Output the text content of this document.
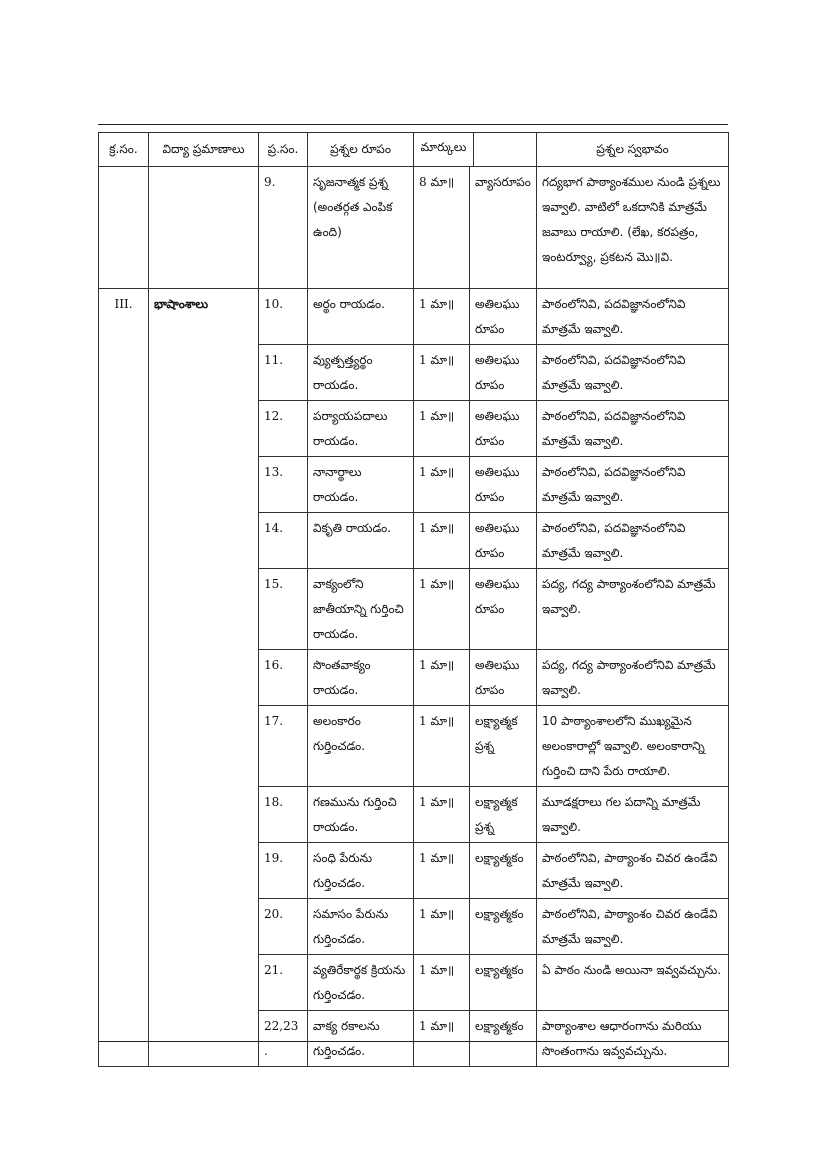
క్ర.సం.	విద్యా ప్రమాణాలు	ప్ర.సం.	ప్రశ్నల రూపం	మార్కులు		ప్రశ్నల స్వభావం
		9.	సృజనాత్మక ప్రశ్న (అంతర్గత ఎంపిక ఉంది)	8 మా॥	వ్యాసరూపం	గద్యభాగ పాఠ్యాంశముల నుండి ప్రశ్నలు ఇవ్వాలి. వాటిలో ఒకదానికి మాత్రమే జవాబు రాయాలి. (లేఖ, కరపత్రం, ఇంటర్వ్యూ, ప్రకటన మొ॥వి.
III.	భాషాంశాలు	10.	అర్థం రాయడం.	1 మా॥	అతిలఘు రూపం	పాఠంలోనివి, పదవిజ్ఞానంలోనివి మాత్రమే ఇవ్వాలి.
		11.	వ్యుత్పత్త్యర్థం రాయడం.	1 మా॥	అతిలఘు రూపం	పాఠంలోనివి, పదవిజ్ఞానంలోనివి మాత్రమే ఇవ్వాలి.
		12.	పర్యాయపదాలు రాయడం.	1 మా॥	అతిలఘు రూపం	పాఠంలోనివి, పదవిజ్ఞానంలోనివి మాత్రమే ఇవ్వాలి.
		13.	నానార్థాలు రాయడం.	1 మా॥	అతిలఘు రూపం	పాఠంలోనివి, పదవిజ్ఞానంలోనివి మాత్రమే ఇవ్వాలి.
		14.	వికృతి రాయడం.	1 మా॥	అతిలఘు రూపం	పాఠంలోనివి, పదవిజ్ఞానంలోనివి మాత్రమే ఇవ్వాలి.
		15.	వాక్యంలోని జాతీయాన్ని గుర్తించి రాయడం.	1 మా॥	అతిలఘు రూపం	పద్య, గద్య పాఠ్యాంశంలోనివి మాత్రమే ఇవ్వాలి.
		16.	సొంతవాక్యం రాయడం.	1 మా॥	అతిలఘు రూపం	పద్య, గద్య పాఠ్యాంశంలోనివి మాత్రమే ఇవ్వాలి.
		17.	అలంకారం గుర్తించడం.	1 మా॥	లక్ష్యాత్మక ప్రశ్న	10 పాఠ్యాంశాలలోని ముఖ్యమైన అలంకారాల్లో ఇవ్వాలి. అలంకారాన్ని గుర్తించి దాని పేరు రాయాలి.
		18.	గణమును గుర్తించి రాయడం.	1 మా॥	లక్ష్యాత్మక ప్రశ్న	మూడక్షరాలు గల పదాన్ని మాత్రమే ఇవ్వాలి.
		19.	సంధి పేరును గుర్తించడం.	1 మా॥	లక్ష్యాత్మకం	పాఠంలోనివి, పాఠ్యాంశం చివర ఉండేవి మాత్రమే ఇవ్వాలి.
		20.	సమాసం పేరును గుర్తించడం.	1 మా॥	లక్ష్యాత్మకం	పాఠంలోనివి, పాఠ్యాంశం చివర ఉండేవి మాత్రమే ఇవ్వాలి.
		21.	వ్యతిరేకార్థక క్రియను గుర్తించడం.	1 మా॥	లక్ష్యాత్మకం	ఏ పాఠం నుండి అయినా ఇవ్వవచ్చును.
		22,23.	వాక్య రకాలను గుర్తించడం.	1 మా॥	లక్ష్యాత్మకం	పాఠ్యాంశాల ఆధారంగాను మరియు సొంతంగాను ఇవ్వవచ్చును.
